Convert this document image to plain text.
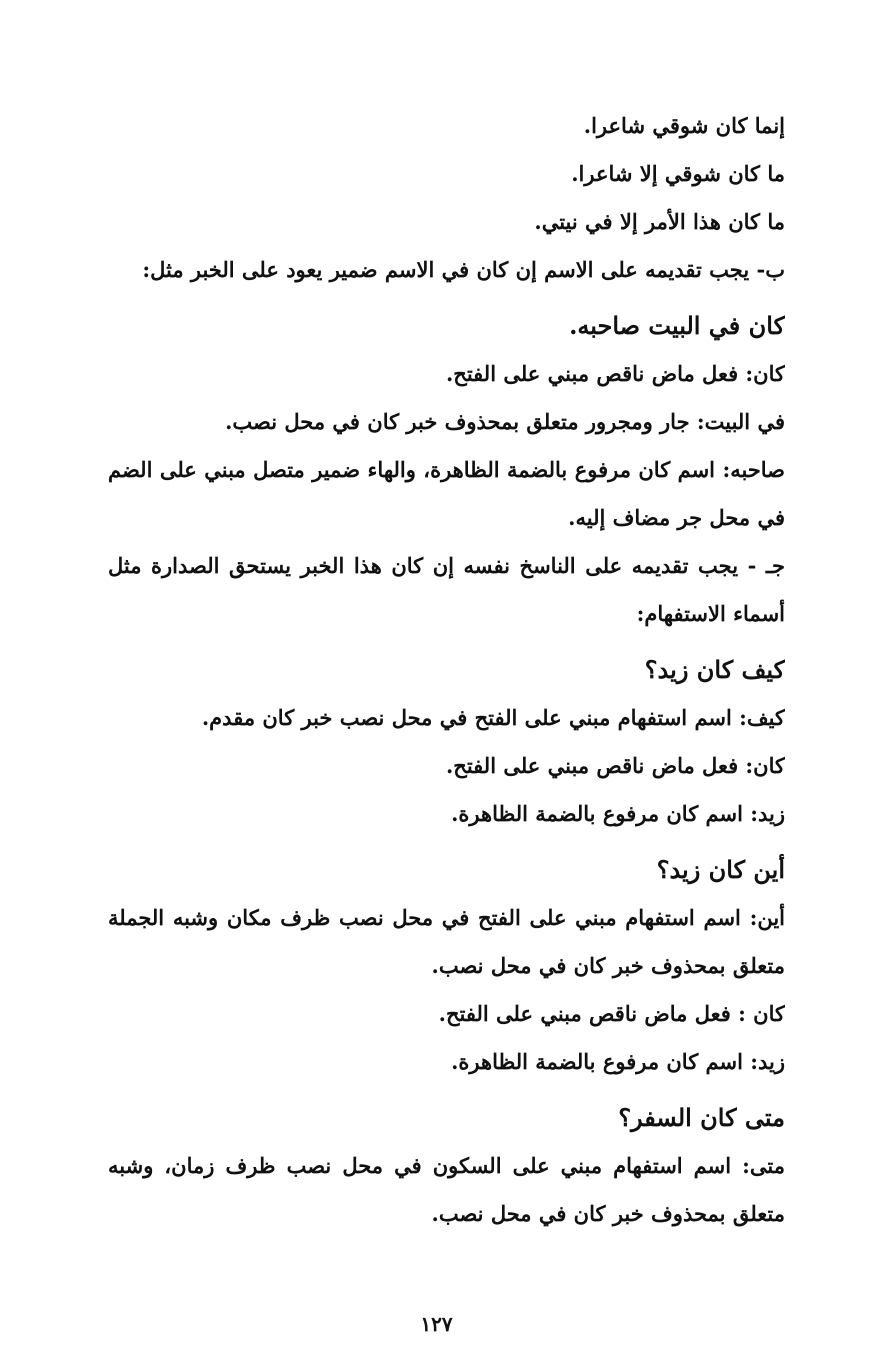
إنما كان شوقي شاعرا.
ما كان شوقي إلا شاعرا.
ما كان هذا الأمر إلا في نيتي.
ب- يجب تقديمه على الاسم إن كان في الاسم ضمير يعود على الخبر مثل:
كان في البيت صاحبه.
كان: فعل ماض ناقص مبني على الفتح.
في البيت: جار ومجرور متعلق بمحذوف خبر كان في محل نصب.
صاحبه: اسم كان مرفوع بالضمة الظاهرة، والهاء ضمير متصل مبني على الضم
في محل جر مضاف إليه.
جـ - يجب تقديمه على الناسخ نفسه إن كان هذا الخبر يستحق الصدارة مثل
أسماء الاستفهام:
كيف كان زيد؟
كيف: اسم استفهام مبني على الفتح في محل نصب خبر كان مقدم.
كان: فعل ماض ناقص مبني على الفتح.
زيد: اسم كان مرفوع بالضمة الظاهرة.
أين كان زيد؟
أين: اسم استفهام مبني على الفتح في محل نصب ظرف مكان وشبه الجملة
متعلق بمحذوف خبر كان في محل نصب.
كان : فعل ماض ناقص مبني على الفتح.
زيد: اسم كان مرفوع بالضمة الظاهرة.
متى كان السفر؟
متى: اسم استفهام مبني على السكون في محل نصب ظرف زمان، وشبه
متعلق بمحذوف خبر كان في محل نصب.
١٢٧
